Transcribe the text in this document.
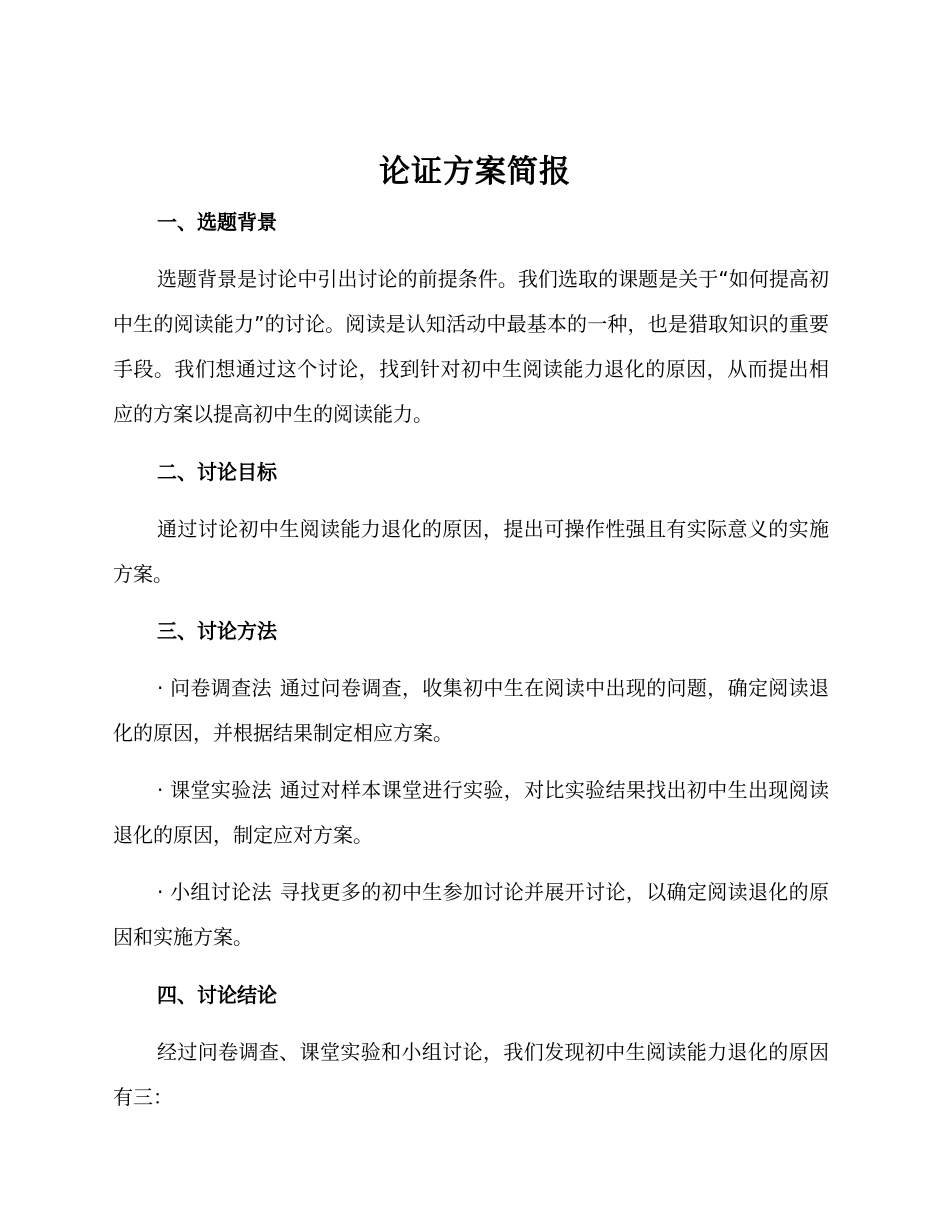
论证方案简报
一、选题背景

选题背景是讨论中引出讨论的前提条件。我们选取的课题是关于“如何提高初中生的阅读能力”的讨论。阅读是认知活动中最基本的一种，也是猎取知识的重要手段。我们想通过这个讨论，找到针对初中生阅读能力退化的原因，从而提出相应的方案以提高初中生的阅读能力。

二、讨论目标

通过讨论初中生阅读能力退化的原因，提出可操作性强且有实际意义的实施方案。

三、讨论方法

· 问卷调查法 通过问卷调查，收集初中生在阅读中出现的问题，确定阅读退化的原因，并根据结果制定相应方案。

· 课堂实验法 通过对样本课堂进行实验，对比实验结果找出初中生出现阅读退化的原因，制定应对方案。

· 小组讨论法 寻找更多的初中生参加讨论并展开讨论，以确定阅读退化的原因和实施方案。

四、讨论结论

经过问卷调查、课堂实验和小组讨论，我们发现初中生阅读能力退化的原因有三：
